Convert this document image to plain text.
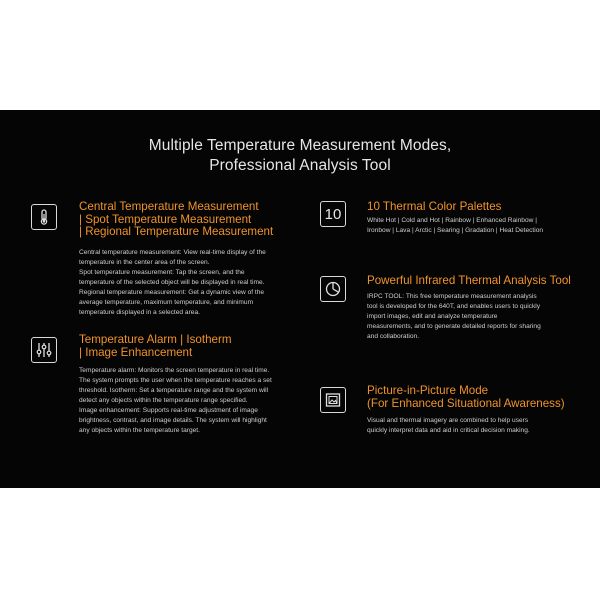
Multiple Temperature Measurement Modes,
Professional Analysis Tool
Central Temperature Measurement
| Spot Temperature Measurement
| Regional Temperature Measurement
Central temperature measurement: View real-time display of the
temperature in the center area of the screen.
Spot temperature measurement: Tap the screen, and the
temperature of the selected object will be displayed in real time.
Regional temperature measurement: Get a dynamic view of the
average temperature, maximum temperature, and minimum
temperature displayed in a selected area.
Temperature Alarm | Isotherm
| Image Enhancement
Temperature alarm: Monitors the screen temperature in real time.
The system prompts the user when the temperature reaches a set
threshold. Isotherm: Set a temperature range and the system will
detect any objects within the temperature range specified.
Image enhancement: Supports real-time adjustment of image
brightness, contrast, and image details. The system will highlight
any objects within the temperature target.
10 10 Thermal Color Palettes
White Hot | Cold and Hot | Rainbow | Enhanced Rainbow |
Ironbow | Lava | Arctic | Searing | Gradation | Heat Detection
Powerful Infrared Thermal Analysis Tool
IRPC TOOL: This free temperature measurement analysis
tool is developed for the 640T, and enables users to quickly
import images, edit and analyze temperature
measurements, and to generate detailed reports for sharing
and collaboration.
Picture-in-Picture Mode
(For Enhanced Situational Awareness)
Visual and thermal imagery are combined to help users
quickly interpret data and aid in critical decision making.
